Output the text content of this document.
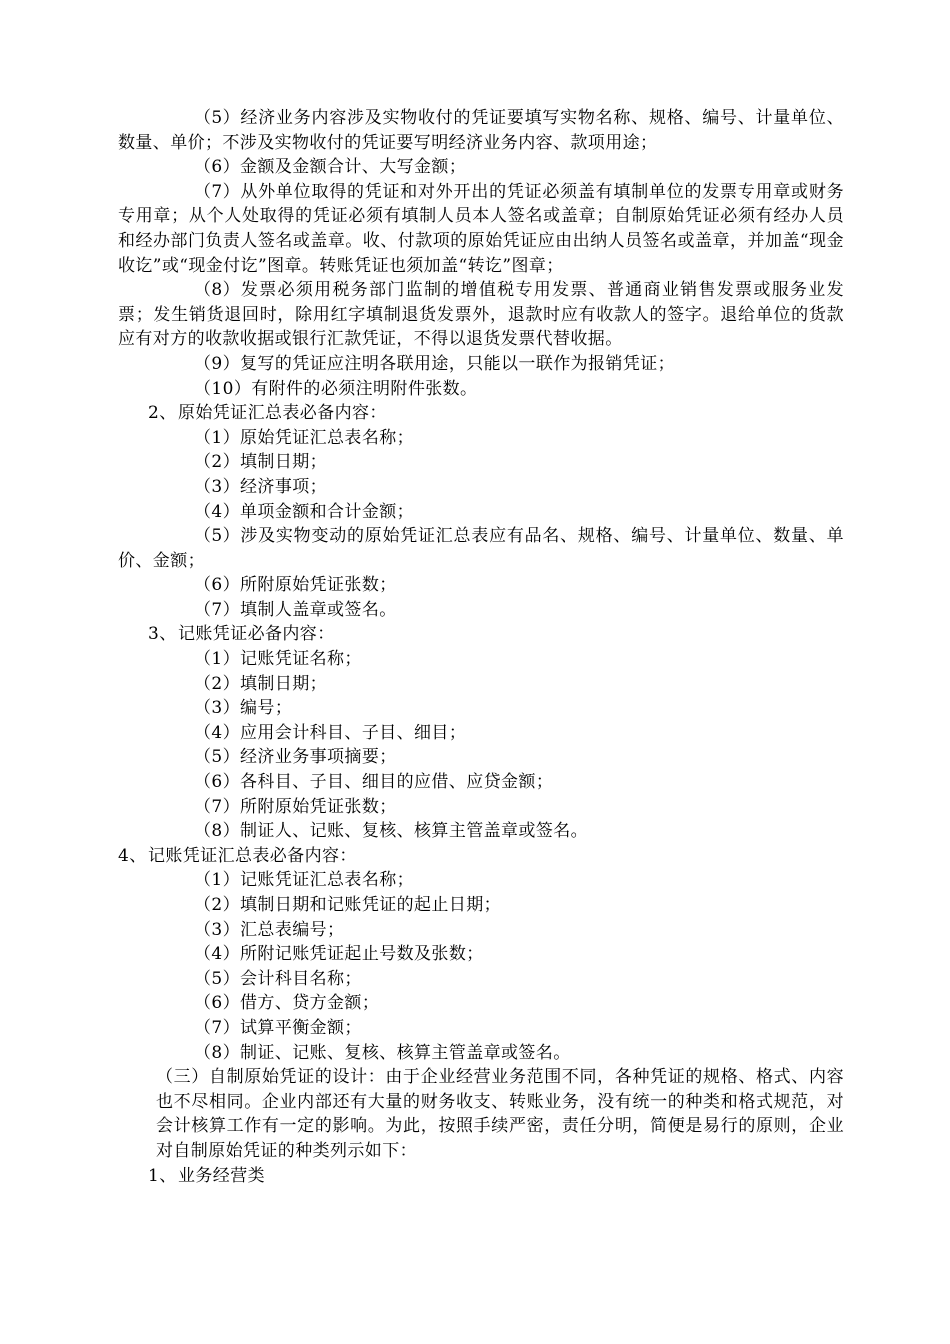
（5）经济业务内容涉及实物收付的凭证要填写实物名称、规格、编号、计量单位、数量、单价；不涉及实物收付的凭证要写明经济业务内容、款项用途；

（6）金额及金额合计、大写金额；

（7）从外单位取得的凭证和对外开出的凭证必须盖有填制单位的发票专用章或财务专用章；从个人处取得的凭证必须有填制人员本人签名或盖章；自制原始凭证必须有经办人员和经办部门负责人签名或盖章。收、付款项的原始凭证应由出纳人员签名或盖章，并加盖“现金收讫”或“现金付讫”图章。转账凭证也须加盖“转讫”图章；

（8）发票必须用税务部门监制的增值税专用发票、普通商业销售发票或服务业发票；发生销货退回时，除用红字填制退货发票外，退款时应有收款人的签字。退给单位的货款应有对方的收款收据或银行汇款凭证，不得以退货发票代替收据。

（9）复写的凭证应注明各联用途，只能以一联作为报销凭证；

（10）有附件的必须注明附件张数。

2、原始凭证汇总表必备内容：

（1）原始凭证汇总表名称；

（2）填制日期；

（3）经济事项；

（4）单项金额和合计金额；

（5）涉及实物变动的原始凭证汇总表应有品名、规格、编号、计量单位、数量、单价、金额；

（6）所附原始凭证张数；

（7）填制人盖章或签名。

3、记账凭证必备内容：

（1）记账凭证名称；

（2）填制日期；

（3）编号；

（4）应用会计科目、子目、细目；

（5）经济业务事项摘要；

（6）各科目、子目、细目的应借、应贷金额；

（7）所附原始凭证张数；

（8）制证人、记账、复核、核算主管盖章或签名。

4、记账凭证汇总表必备内容：

（1）记账凭证汇总表名称；

（2）填制日期和记账凭证的起止日期；

（3）汇总表编号；

（4）所附记账凭证起止号数及张数；

（5）会计科目名称；

（6）借方、贷方金额；

（7）试算平衡金额；

（8）制证、记账、复核、核算主管盖章或签名。

（三）自制原始凭证的设计：由于企业经营业务范围不同，各种凭证的规格、格式、内容也不尽相同。企业内部还有大量的财务收支、转账业务，没有统一的种类和格式规范，对会计核算工作有一定的影响。为此，按照手续严密，责任分明，简便是易行的原则，企业对自制原始凭证的种类列示如下：

1、业务经营类
